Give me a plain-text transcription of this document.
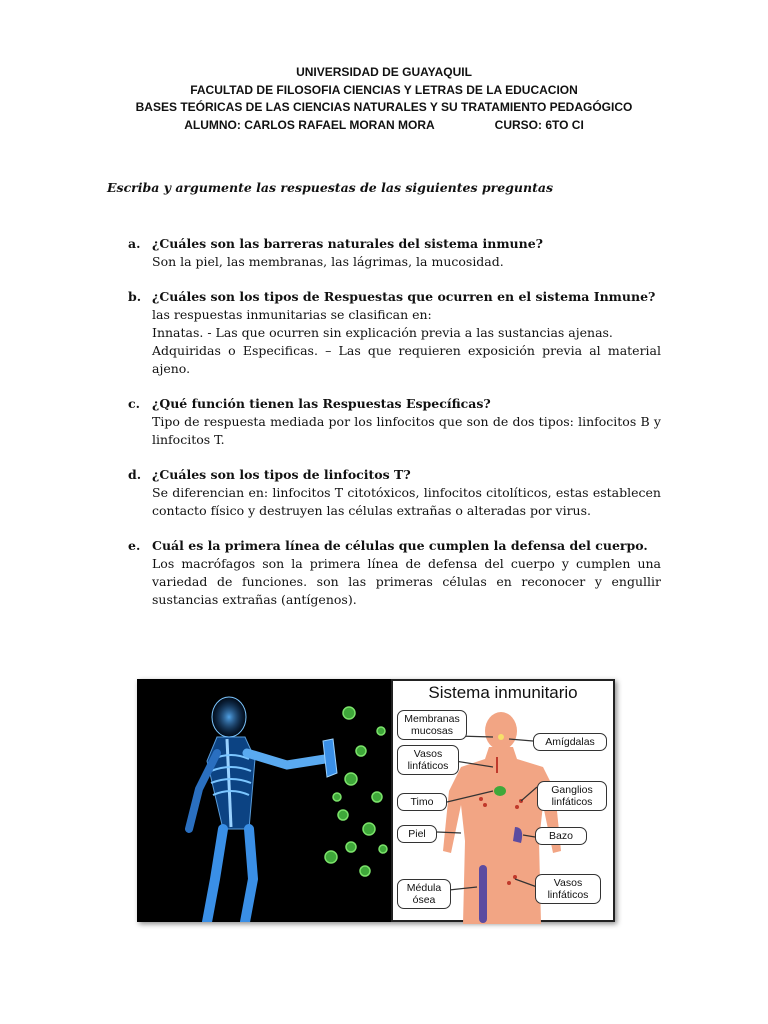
UNIVERSIDAD DE GUAYAQUIL
FACULTAD DE FILOSOFIA CIENCIAS Y LETRAS DE LA EDUCACION
BASES TEÓRICAS DE LAS CIENCIAS NATURALES Y SU TRATAMIENTO PEDAGÓGICO
ALUMNO: CARLOS RAFAEL MORAN MORA	CURSO: 6TO CI
Escriba y argumente las respuestas de las siguientes preguntas
a. ¿Cuáles son las barreras naturales del sistema inmune?
Son la piel, las membranas, las lágrimas, la mucosidad.
b. ¿Cuáles son los tipos de Respuestas que ocurren en el sistema Inmune?
las respuestas inmunitarias se clasifican en:
Innatas. - Las que ocurren sin explicación previa a las sustancias ajenas.
Adquiridas o Especificas. – Las que requieren exposición previa al material ajeno.
c. ¿Qué función tienen las Respuestas Específicas?
Tipo de respuesta mediada por los linfocitos que son de dos tipos: linfocitos B y linfocitos T.
d. ¿Cuáles son los tipos de linfocitos T?
Se diferencian en: linfocitos T citotóxicos, linfocitos citolíticos, estas establecen contacto físico y destruyen las células extrañas o alteradas por virus.
e. Cuál es la primera línea de células que cumplen la defensa del cuerpo.
Los macrófagos son la primera línea de defensa del cuerpo y cumplen una variedad de funciones. son las primeras células en reconocer y engullir sustancias extrañas (antígenos).
Sistema inmunitario
Membranas mucosas
Vasos linfáticos
Timo
Piel
Médula ósea
Amígdalas
Ganglios linfáticos
Bazo
Vasos linfáticos
